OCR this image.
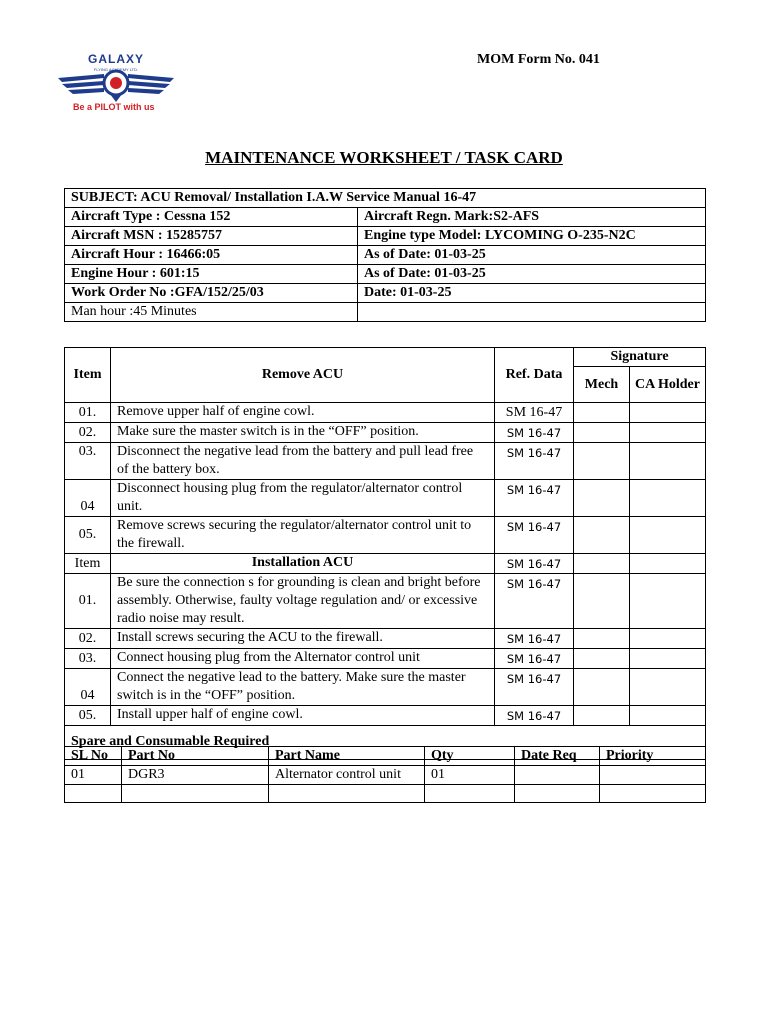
GALAXY
FLYING ACADEMY LTD.
Be a PILOT with us
MOM Form No. 041
MAINTENANCE WORKSHEET / TASK CARD
SUBJECT: ACU Removal/ Installation I.A.W Service Manual 16-47	
Aircraft Type : Cessna 152	Aircraft Regn. Mark:S2-AFS
Aircraft MSN : 15285757	Engine type Model: LYCOMING O-235-N2C
Aircraft Hour : 16466:05	As of Date: 01-03-25
Engine Hour : 601:15	As of Date: 01-03-25
Work Order No :GFA/152/25/03	Date: 01-03-25
Man hour :45 Minutes	
Item	Remove ACU	Ref. Data	Signature	
			Mech	CA Holder
01.	Remove upper half of engine cowl.	SM 16-47		
02.	Make sure the master switch is in the “OFF” position.	SM 16-47		
03.	Disconnect the negative lead from the battery and pull lead free of the battery box.	SM 16-47		
04	Disconnect housing plug from the regulator/alternator control unit.	SM 16-47		
05.	Remove screws securing the regulator/alternator control unit to the firewall.	SM 16-47		
Item	Installation ACU	SM 16-47		
01.	Be sure the connection s for grounding is clean and bright before assembly. Otherwise, faulty voltage regulation and/ or excessive radio noise may result.	SM 16-47		
02.	Install screws securing the ACU to the firewall.	SM 16-47		
03.	Connect housing plug from the Alternator control unit	SM 16-47		
04	Connect the negative lead to the battery. Make sure the master switch is in the “OFF” position.	SM 16-47		
05.	Install upper half of engine cowl.	SM 16-47		
Spare and Consumable Required				
SL No	Part No	Part Name	Qty	Date Req	Priority
01	DGR3	Alternator control unit	01		
